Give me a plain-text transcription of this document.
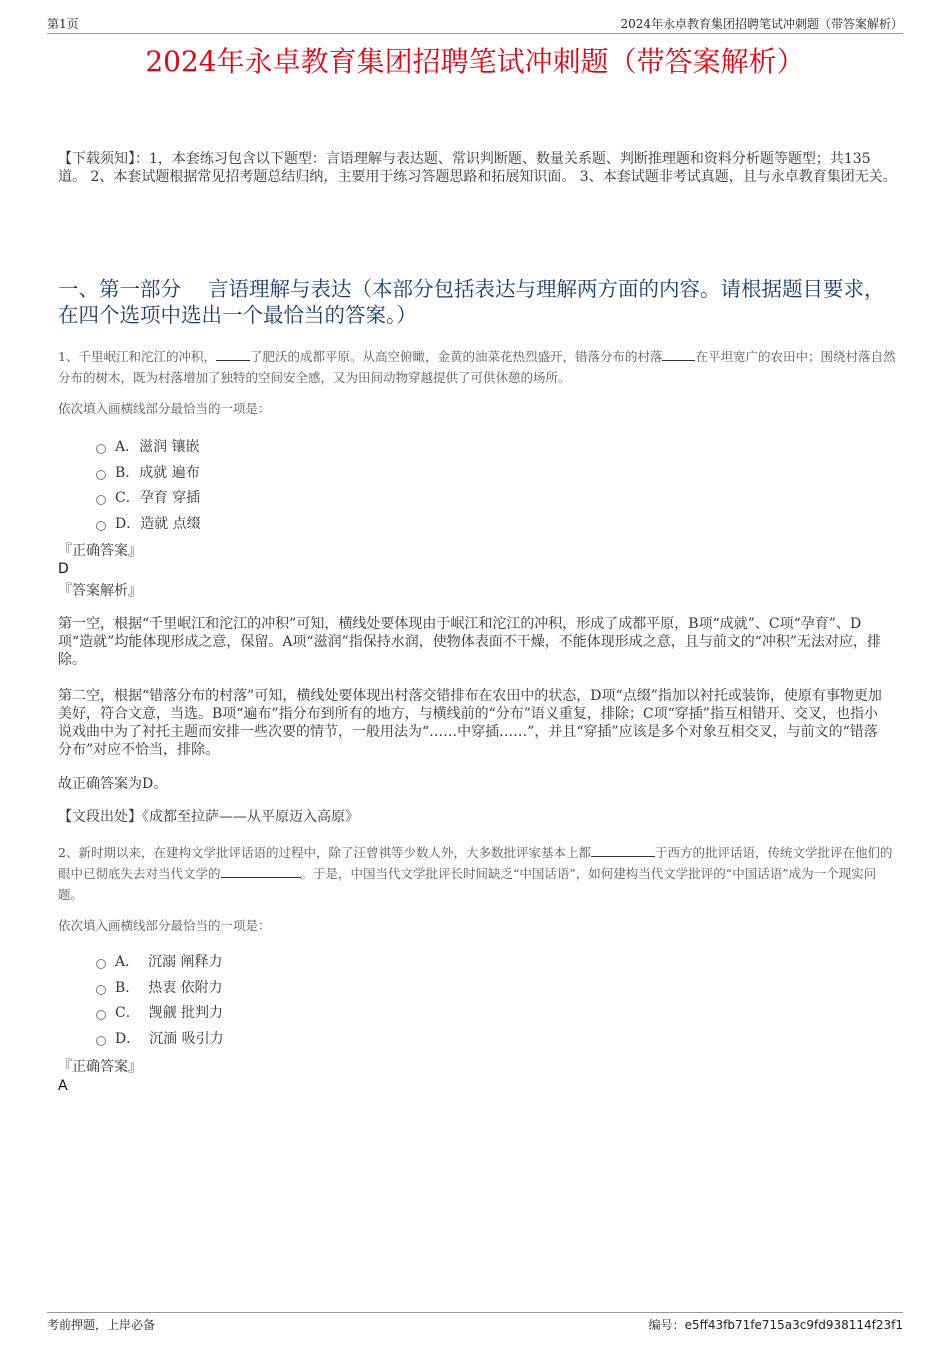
第1页	2024年永卓教育集团招聘笔试冲刺题（带答案解析）
2024年永卓教育集团招聘笔试冲刺题（带答案解析）

【下载须知】：1，本套练习包含以下题型：言语理解与表达题、常识判断题、数量关系题、判断推理题和资料分析题等题型；共135道。 2、本套试题根据常见招考题总结归纳，主要用于练习答题思路和拓展知识面。 3、本套试题非考试真题，且与永卓教育集团无关。

一、第一部分　 言语理解与表达（本部分包括表达与理解两方面的内容。请根据题目要求，在四个选项中选出一个最恰当的答案。）

1、千里岷江和沱江的冲积，	了肥沃的成都平原。从高空俯瞰，金黄的油菜花热烈盛开，错落分布的村落	在平坦宽广的农田中；围绕村落自然分布的树木，既为村落增加了独特的空间安全感，又为田间动物穿越提供了可供休憩的场所。

依次填入画横线部分最恰当的一项是：

A．滋润 镶嵌
B．成就 遍布
C．孕育 穿插
D．造就 点缀

『正确答案』

D

『答案解析』

第一空，根据“千里岷江和沱江的冲积”可知，横线处要体现由于岷江和沱江的冲积，形成了成都平原，B项“成就”、C项“孕育”、D项“造就”均能体现形成之意，保留。A项“滋润”指保持水润，使物体表面不干燥，不能体现形成之意，且与前文的“冲积”无法对应，排除。

第二空，根据“错落分布的村落”可知，横线处要体现出村落交错排布在农田中的状态，D项“点缀”指加以衬托或装饰，使原有事物更加美好，符合文意，当选。B项“遍布”指分布到所有的地方，与横线前的“分布”语义重复，排除；C项“穿插”指互相错开、交叉，也指小说戏曲中为了衬托主题而安排一些次要的情节，一般用法为“……中穿插……”，并且“穿插”应该是多个对象互相交叉，与前文的“错落分布”对应不恰当，排除。

故正确答案为D。

【文段出处】《成都至拉萨——从平原迈入高原》

2、新时期以来，在建构文学批评话语的过程中，除了汪曾祺等少数人外，大多数批评家基本上都	于西方的批评话语，传统文学批评在他们的眼中已彻底失去对当代文学的	。于是，中国当代文学批评长时间缺乏“中国话语”，如何建构当代文学批评的“中国话语”成为一个现实问题。

依次填入画横线部分最恰当的一项是：

A．  沉溺 阐释力
B．  热衷 依附力
C．  觊觎 批判力
D．  沉湎 吸引力

『正确答案』

A

考前押题，上岸必备	编号：e5ff43fb71fe715a3c9fd938114f23f1
